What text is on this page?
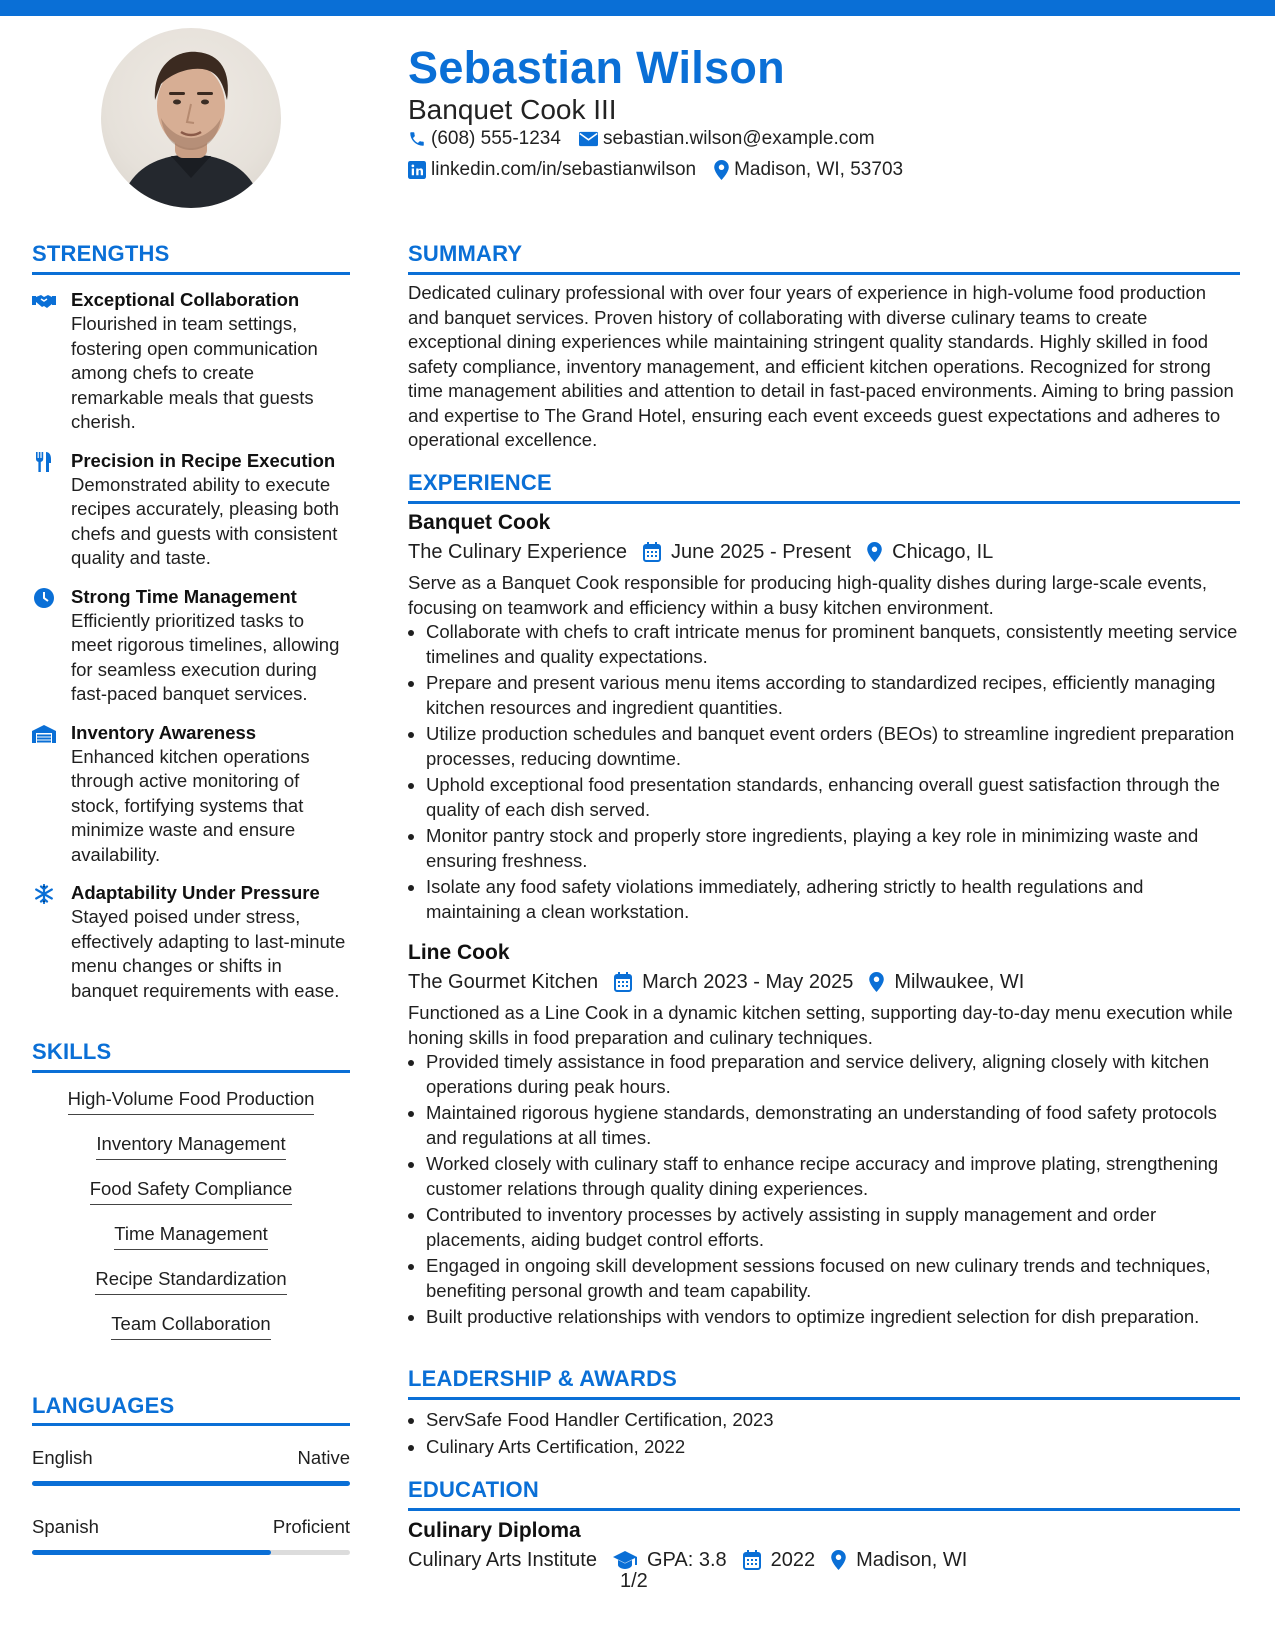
Sebastian Wilson
Banquet Cook III
(608) 555-1234 sebastian.wilson@example.com
linkedin.com/in/sebastianwilson Madison, WI, 53703
STRENGTHS
Exceptional Collaboration
Flourished in team settings, fostering open communication among chefs to create remarkable meals that guests cherish.
Precision in Recipe Execution
Demonstrated ability to execute recipes accurately, pleasing both chefs and guests with consistent quality and taste.
Strong Time Management
Efficiently prioritized tasks to meet rigorous timelines, allowing for seamless execution during fast-paced banquet services.
Inventory Awareness
Enhanced kitchen operations through active monitoring of stock, fortifying systems that minimize waste and ensure availability.
Adaptability Under Pressure
Stayed poised under stress, effectively adapting to last-minute menu changes or shifts in banquet requirements with ease.
SKILLS
High-Volume Food Production
Inventory Management
Food Safety Compliance
Time Management
Recipe Standardization
Team Collaboration
LANGUAGES
English	Native
Spanish	Proficient
SUMMARY
Dedicated culinary professional with over four years of experience in high-volume food production and banquet services. Proven history of collaborating with diverse culinary teams to create exceptional dining experiences while maintaining stringent quality standards. Highly skilled in food safety compliance, inventory management, and efficient kitchen operations. Recognized for strong time management abilities and attention to detail in fast-paced environments. Aiming to bring passion and expertise to The Grand Hotel, ensuring each event exceeds guest expectations and adheres to operational excellence.
EXPERIENCE
Banquet Cook
The Culinary Experience June 2025 - Present Chicago, IL
Serve as a Banquet Cook responsible for producing high-quality dishes during large-scale events, focusing on teamwork and efficiency within a busy kitchen environment.
• Collaborate with chefs to craft intricate menus for prominent banquets, consistently meeting service timelines and quality expectations.
• Prepare and present various menu items according to standardized recipes, efficiently managing kitchen resources and ingredient quantities.
• Utilize production schedules and banquet event orders (BEOs) to streamline ingredient preparation processes, reducing downtime.
• Uphold exceptional food presentation standards, enhancing overall guest satisfaction through the quality of each dish served.
• Monitor pantry stock and properly store ingredients, playing a key role in minimizing waste and ensuring freshness.
• Isolate any food safety violations immediately, adhering strictly to health regulations and maintaining a clean workstation.
Line Cook
The Gourmet Kitchen March 2023 - May 2025 Milwaukee, WI
Functioned as a Line Cook in a dynamic kitchen setting, supporting day-to-day menu execution while honing skills in food preparation and culinary techniques.
• Provided timely assistance in food preparation and service delivery, aligning closely with kitchen operations during peak hours.
• Maintained rigorous hygiene standards, demonstrating an understanding of food safety protocols and regulations at all times.
• Worked closely with culinary staff to enhance recipe accuracy and improve plating, strengthening customer relations through quality dining experiences.
• Contributed to inventory processes by actively assisting in supply management and order placements, aiding budget control efforts.
• Engaged in ongoing skill development sessions focused on new culinary trends and techniques, benefiting personal growth and team capability.
• Built productive relationships with vendors to optimize ingredient selection for dish preparation.
LEADERSHIP & AWARDS
• ServSafe Food Handler Certification, 2023
• Culinary Arts Certification, 2022
EDUCATION
Culinary Diploma
Culinary Arts Institute	GPA: 3.8 2022 Madison, WI
1/2
